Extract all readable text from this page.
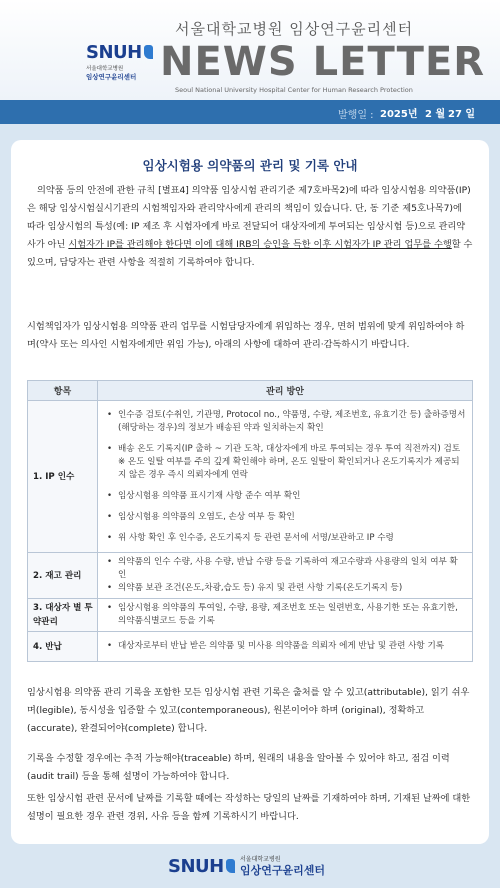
SNUH
서울대학교병원
임상연구윤리센터
서울대학교병원 임상연구윤리센터
NEWS LETTER
Seoul National University Hospital Center for Human Research Protection
발행일 : 2025년 2 월 27 일
임상시험용 의약품의 관리 및 기록 안내
의약품 등의 안전에 관한 규칙 [별표4] 의약품 임상시험 관리기준 제7호바목2)에 따라 임상시험용 의약품(IP)은 해당 임상시험실시기관의 시험책임자와 관리약사에게 관리의 책임이 있습니다. 단, 동 기준 제5호나목7)에 따라 임상시험의 특성(예: IP 제조 후 시험자에게 바로 전달되어 대상자에게 투여되는 임상시험 등)으로 관리약사가 아닌 시험자가 IP를 관리해야 한다면 이에 대해 IRB의 승인을 득한 이후 시험자가 IP 관리 업무를 수행할 수 있으며, 담당자는 관련 사항을 적절히 기록하여야 합니다.
시험책임자가 임상시험용 의약품 관리 업무를 시험담당자에게 위임하는 경우, 면허 범위에 맞게 위임하여야 하며(약사 또는 의사인 시험자에게만 위임 가능), 아래의 사항에 대하여 관리·감독하시기 바랍니다.
항목	관리 방안
1. IP 인수	• 인수증 검토(수취인, 기관명, Protocol no., 약품명, 수량, 제조번호, 유효기간 등) 출하증명서(해당하는 경우)의 정보가 배송된 약과 일치하는지 확인
• 배송 온도 기록지(IP 출하 ~ 기관 도착, 대상자에게 바로 투여되는 경우 투여 직전까지) 검토 ※ 온도 일탈 여부를 주의 깊게 확인해야 하며, 온도 일탈이 확인되거나 온도기록지가 제공되지 않은 경우 즉시 의뢰자에게 연락
• 임상시험용 의약품 표시기재 사항 준수 여부 확인
• 임상시험용 의약품의 오염도, 손상 여부 등 확인
• 위 사항 확인 후 인수증, 온도기록지 등 관련 문서에 서명/보관하고 IP 수령

2. 재고 관리	• 의약품의 인수 수량, 사용 수량, 반납 수량 등을 기록하여 재고수량과 사용량의 일치 여부 확인
• 의약품 보관 조건(온도,차광,습도 등) 유지 및 관련 사항 기록(온도기록지 등)

3. 대상자 별 투약관리	• 임상시험용 의약품의 투여일, 수량, 용량, 제조번호 또는 일련번호, 사용기한 또는 유효기한, 의약품식별코드 등을 기록

4. 반납	• 대상자로부터 반납 받은 의약품 및 미사용 의약품을 의뢰자 에게 반납 및 관련 사항 기록
임상시험용 의약품 관리 기록을 포함한 모든 임상시험 관련 기록은 출처를 알 수 있고(attributable), 읽기 쉬우며(legible), 동시성을 입증할 수 있고(contemporaneous), 원본이어야 하며 (original), 정확하고(accurate), 완결되어야(complete) 합니다.
기록을 수정할 경우에는 추적 가능해야(traceable) 하며, 원래의 내용을 알아볼 수 있어야 하고, 점검 이력(audit trail) 등을 통해 설명이 가능하여야 합니다.
또한 임상시험 관련 문서에 날짜를 기록할 때에는 작성하는 당일의 날짜를 기재하여야 하며, 기재된 날짜에 대한 설명이 필요한 경우 관련 경위, 사유 등을 함께 기록하시기 바랍니다.
SNUH	서울대학교병원
임상연구윤리센터
